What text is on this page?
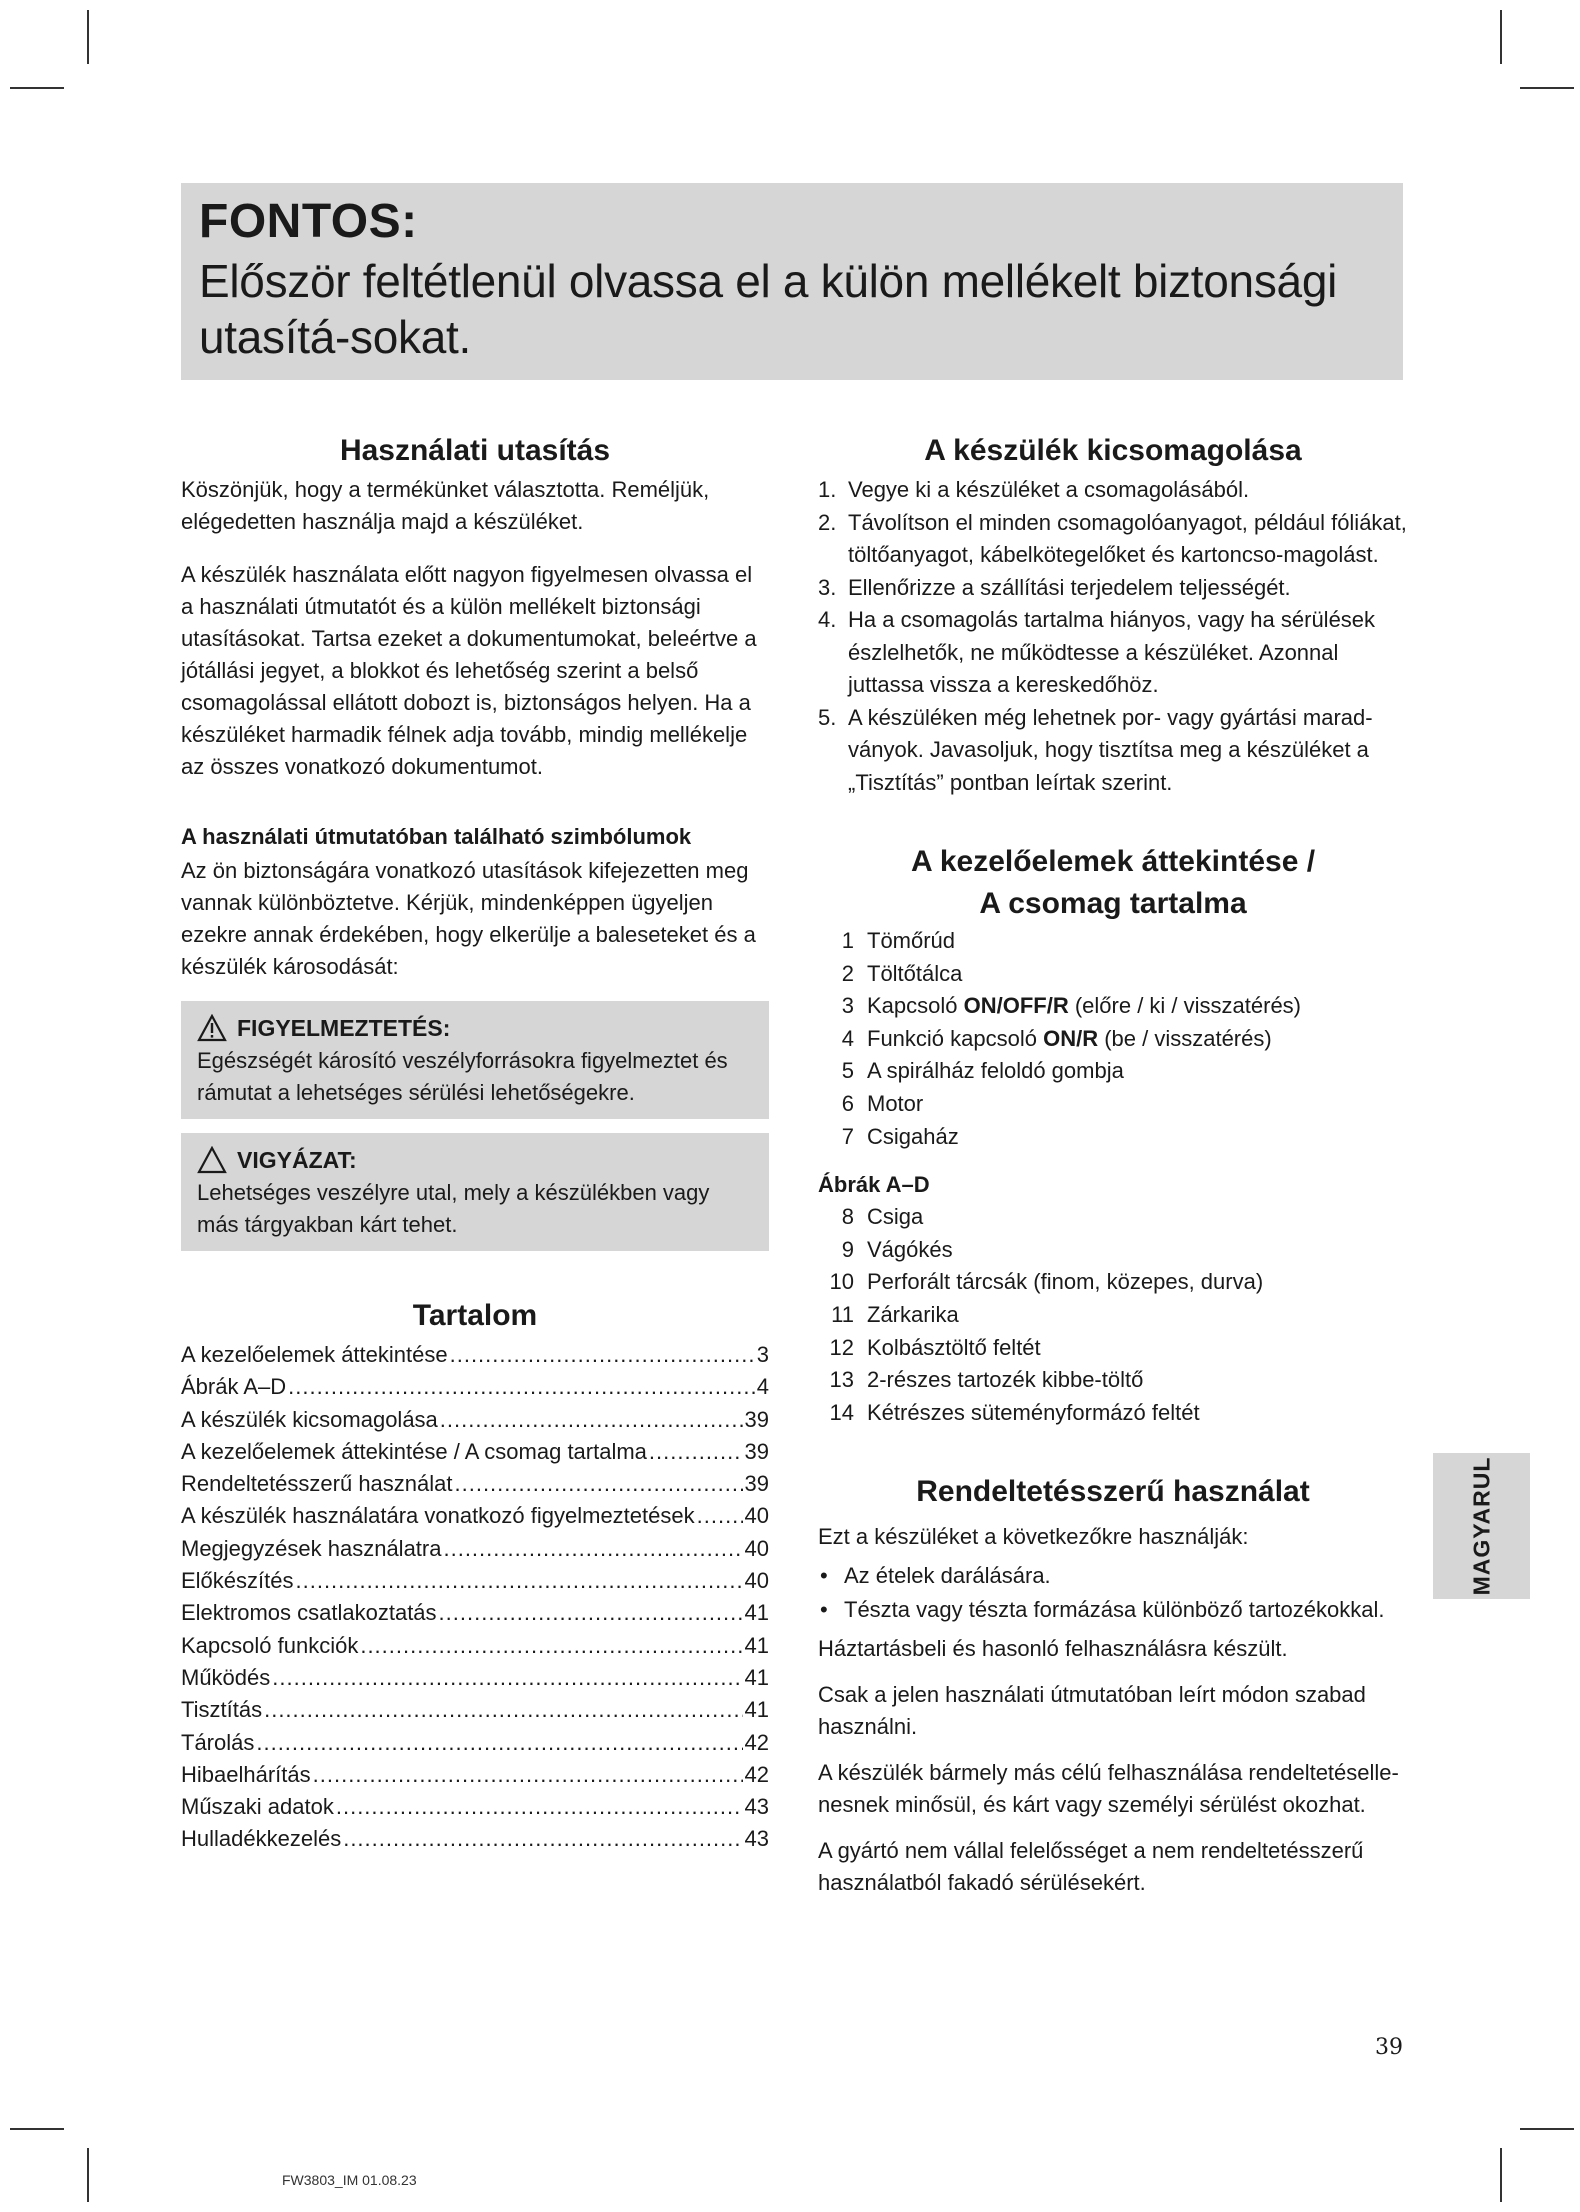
FONTOS:
Először feltétlenül olvassa el a külön mellékelt biztonsági utasítá-sokat.
Használati utasítás

Köszönjük, hogy a termékünket választotta. Reméljük, elégedetten használja majd a készüléket.

A készülék használata előtt nagyon figyelmesen olvassa el a használati útmutatót és a külön mellékelt biztonsági utasításokat. Tartsa ezeket a dokumentumokat, beleértve a jótállási jegyet, a blokkot és lehetőség szerint a belső csomagolással ellátott dobozt is, biztonságos helyen. Ha a készüléket harmadik félnek adja tovább, mindig mellékelje az összes vonatkozó dokumentumot.

A használati útmutatóban található szimbólumok

Az ön biztonságára vonatkozó utasítások kifejezetten meg vannak különböztetve. Kérjük, mindenképpen ügyeljen ezekre annak érdekében, hogy elkerülje a baleseteket és a készülék károsodását:

FIGYELMEZTETÉS:

Egészségét károsító veszélyforrásokra figyelmeztet és rámutat a lehetséges sérülési lehetőségekre.

VIGYÁZAT:

Lehetséges veszélyre utal, mely a készülékben vagy más tárgyakban kárt tehet.

Tartalom
A kezelőelemek áttekintése .....	3
Ábrák A–D .....	4
A készülék kicsomagolása .....	39
A kezelőelemek áttekintése / A csomag tartalma .....	39
Rendeltetésszerű használat .....	39
A készülék használatára vonatkozó figyelmeztetések ..... 40
Megjegyzések használatra .....	40
Előkészítés .....	40
Elektromos csatlakoztatás .....	41
Kapcsoló funkciók .....	41
Működés .....	41
Tisztítás .....	41
Tárolás .....	42
Hibaelhárítás .....	42
Műszaki adatok .....	43
Hulladékkezelés .....	43
A készülék kicsomagolása
1. Vegye ki a készüléket a csomagolásából.
2. Távolítson el minden csomagolóanyagot, például fóliákat, töltőanyagot, kábelkötegelőket és kartoncso-magolást.
3. Ellenőrizze a szállítási terjedelem teljességét.
4. Ha a csomagolás tartalma hiányos, vagy ha sérülések észlelhetők, ne működtesse a készüléket. Azonnal juttassa vissza a kereskedőhöz.
5. A készüléken még lehetnek por- vagy gyártási marad-ványok. Javasoljuk, hogy tisztítsa meg a készüléket a „Tisztítás” pontban leírtak szerint.
A kezelőelemek áttekintése /
A csomag tartalma
1 Tömőrúd
2 Töltőtálca
3 Kapcsoló ON/OFF/R (előre / ki / visszatérés)
4 Funkció kapcsoló ON/R (be / visszatérés)
5 A spirálház feloldó gombja
6 Motor
7 Csigaház
Ábrák A–D
8 Csiga
9 Vágókés
10 Perforált tárcsák (finom, közepes, durva)
11 Zárkarika
12 Kolbásztöltő feltét
13 2-részes tartozék kibbe-töltő
14 Kétrészes süteményformázó feltét
Rendeltetésszerű használat

Ezt a készüléket a következőkre használják:

• Az ételek darálására.
• Tészta vagy tészta formázása különböző tartozékokkal.

Háztartásbeli és hasonló felhasználásra készült.

Csak a jelen használati útmutatóban leírt módon szabad használni.

A készülék bármely más célú felhasználása rendeltetéselle-nesnek minősül, és kárt vagy személyi sérülést okozhat.

A gyártó nem vállal felelősséget a nem rendeltetésszerű használatból fakadó sérülésekért.

MAGYARUL
39
FW3803_IM 01.08.23
